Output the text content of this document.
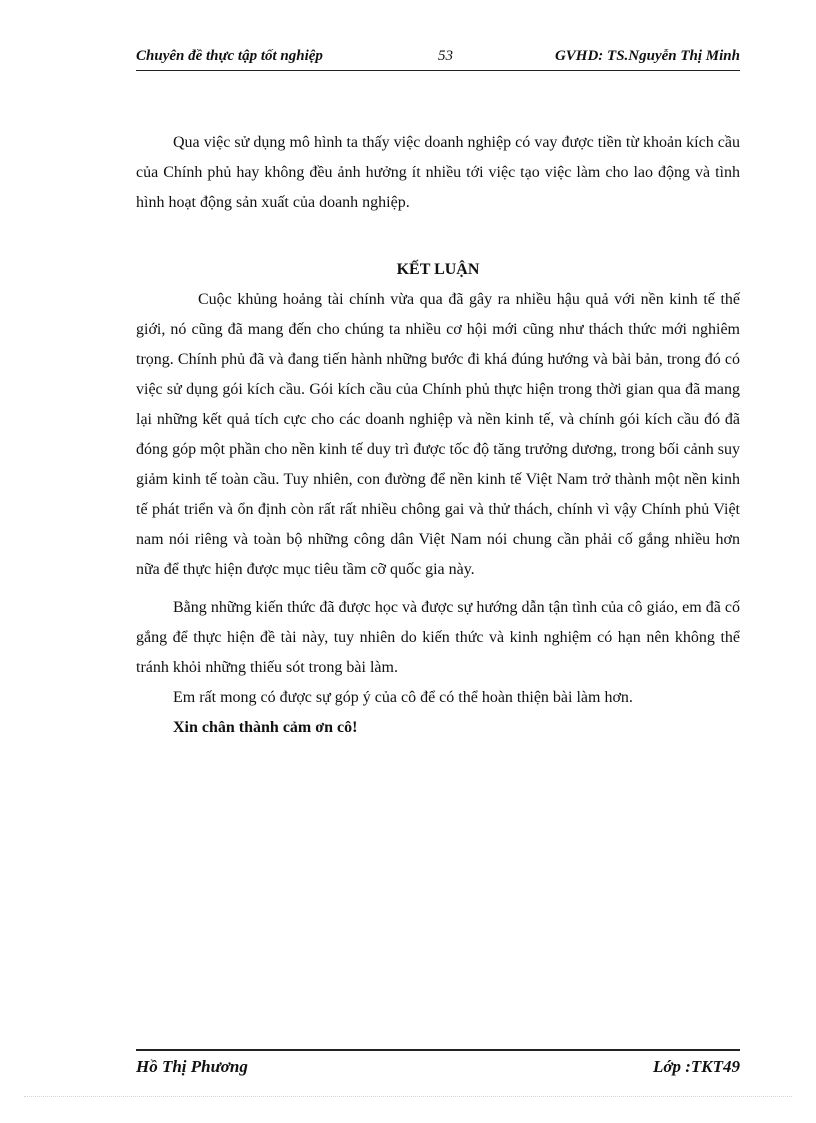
Chuyên đề thực tập tốt nghiệp	53	GVHD: TS.Nguyễn Thị Minh

Qua việc sử dụng mô hình ta thấy việc doanh nghiệp có vay được tiền từ khoản kích cầu của Chính phủ hay không đều ảnh hưởng ít nhiều tới việc tạo việc làm cho lao động và tình hình hoạt động sản xuất của doanh nghiệp.

KẾT LUẬN

Cuộc khủng hoảng tài chính vừa qua đã gây ra nhiều hậu quả với nền kinh tế thế giới, nó cũng đã mang đến cho chúng ta nhiều cơ hội mới cũng như thách thức mới nghiêm trọng. Chính phủ đã và đang tiến hành những bước đi khá đúng hướng và bài bản, trong đó có việc sử dụng gói kích cầu. Gói kích cầu của Chính phủ thực hiện trong thời gian qua đã mang lại những kết quả tích cực cho các doanh nghiệp và nền kinh tế, và chính gói kích cầu đó đã đóng góp một phần cho nền kinh tế duy trì được tốc độ tăng trưởng dương, trong bối cảnh suy giảm kinh tế toàn cầu. Tuy nhiên, con đường để nền kinh tế Việt Nam trở thành một nền kinh tế phát triển và ổn định còn rất rất nhiều chông gai và thử thách, chính vì vậy Chính phủ Việt nam nói riêng và toàn bộ những công dân Việt Nam nói chung cần phải cố gắng nhiều hơn nữa để thực hiện được mục tiêu tầm cỡ quốc gia này.

Bằng những kiến thức đã được học và được sự hướng dẫn tận tình của cô giáo, em đã cố gắng để thực hiện đề tài này, tuy nhiên do kiến thức và kinh nghiệm có hạn nên không thể tránh khỏi những thiếu sót trong bài làm.

Em rất mong có được sự góp ý của cô để có thể hoàn thiện bài làm hơn.

Xin chân thành cảm ơn cô!

Hồ Thị Phương	Lớp :TKT49
